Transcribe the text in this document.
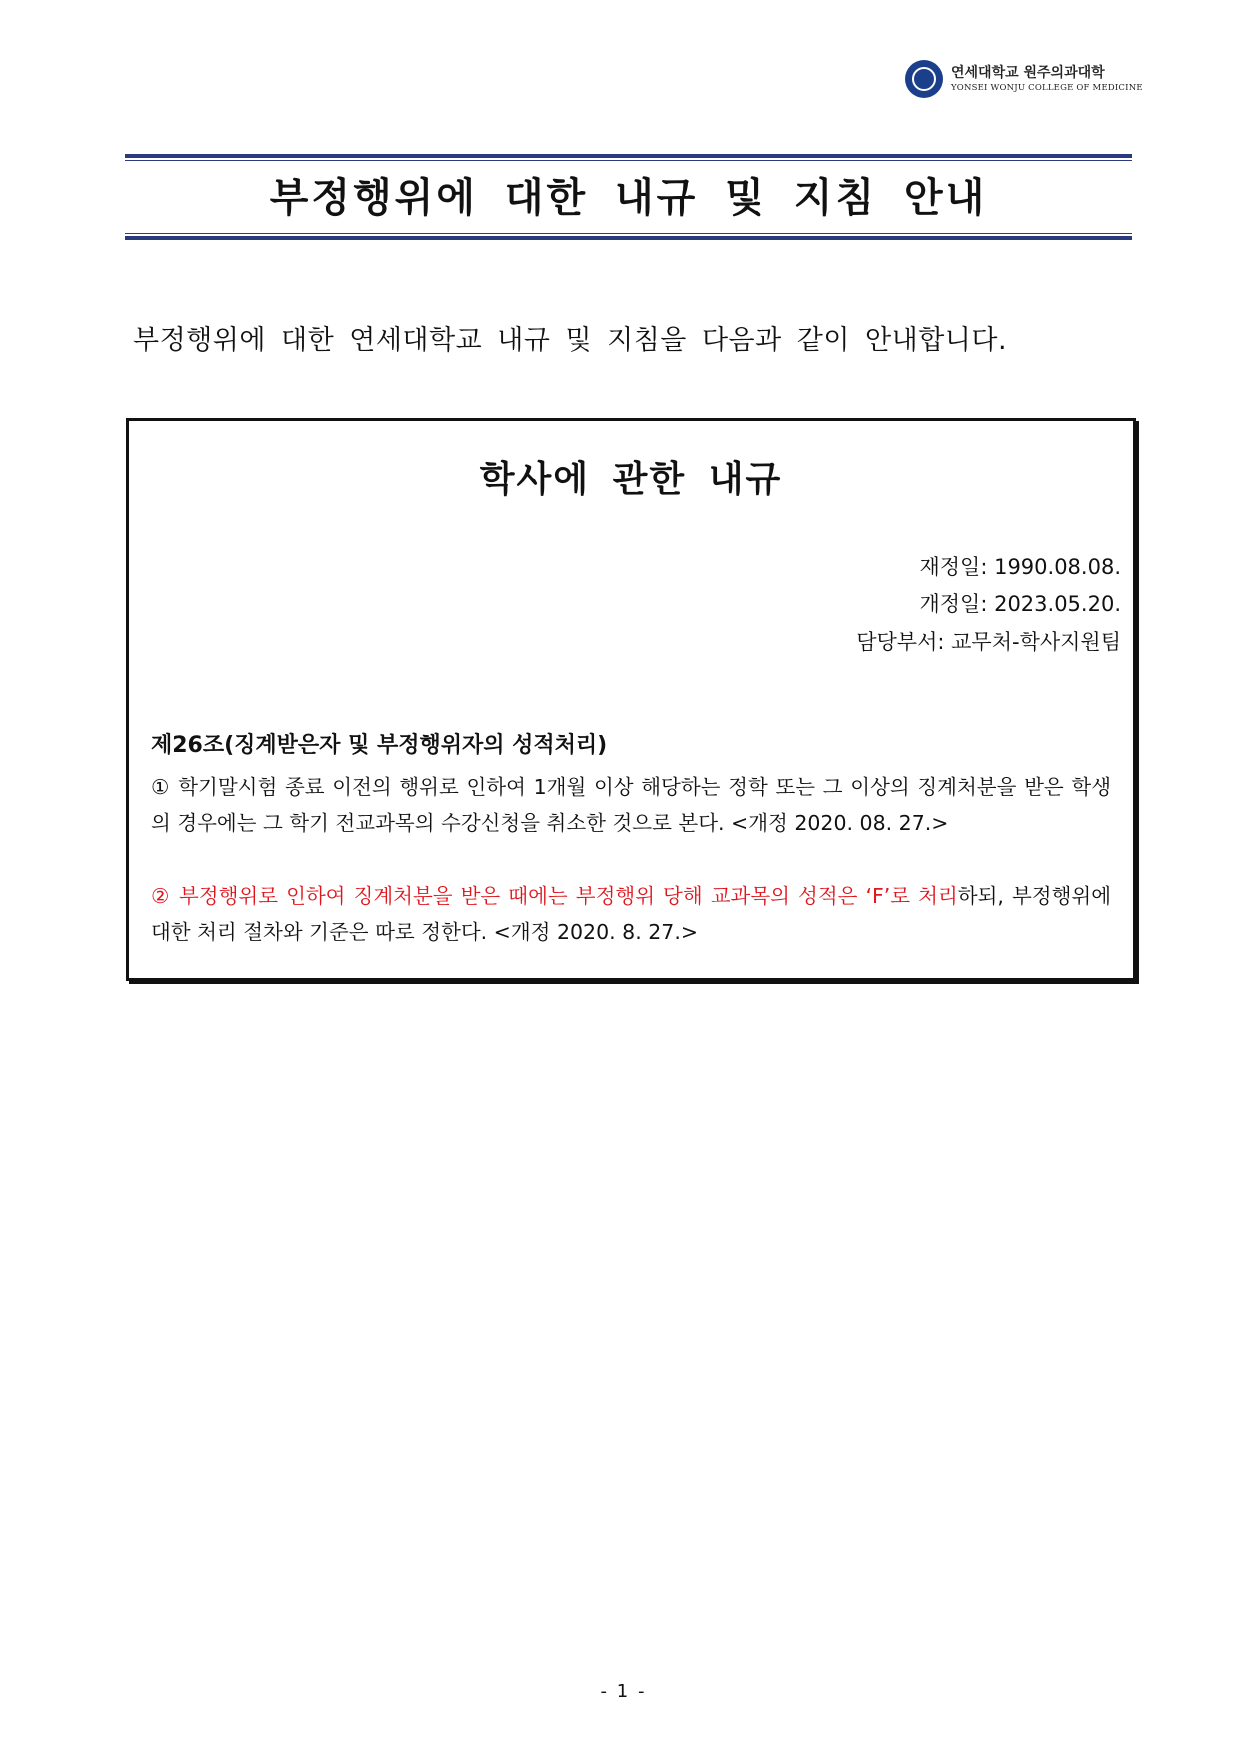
연세대학교 원주의과대학
YONSEI WONJU COLLEGE OF MEDICINE
부정행위에 대한 내규 및 지침 안내
부정행위에 대한 연세대학교 내규 및 지침을 다음과 같이 안내합니다.
학사에 관한 내규
재정일: 1990.08.08.
개정일: 2023.05.20.
담당부서: 교무처-학사지원팀
제26조(징계받은자 및 부정행위자의 성적처리)
① 학기말시험 종료 이전의 행위로 인하여 1개월 이상 해당하는 정학 또는 그 이상의 징계처분을 받은 학생의 경우에는 그 학기 전교과목의 수강신청을 취소한 것으로 본다. <개정 2020. 08. 27.>
② 부정행위로 인하여 징계처분을 받은 때에는 부정행위 당해 교과목의 성적은 ‘F’로 처리하되, 부정행위에 대한 처리 절차와 기준은 따로 정한다. <개정 2020. 8. 27.>
- 1 -
